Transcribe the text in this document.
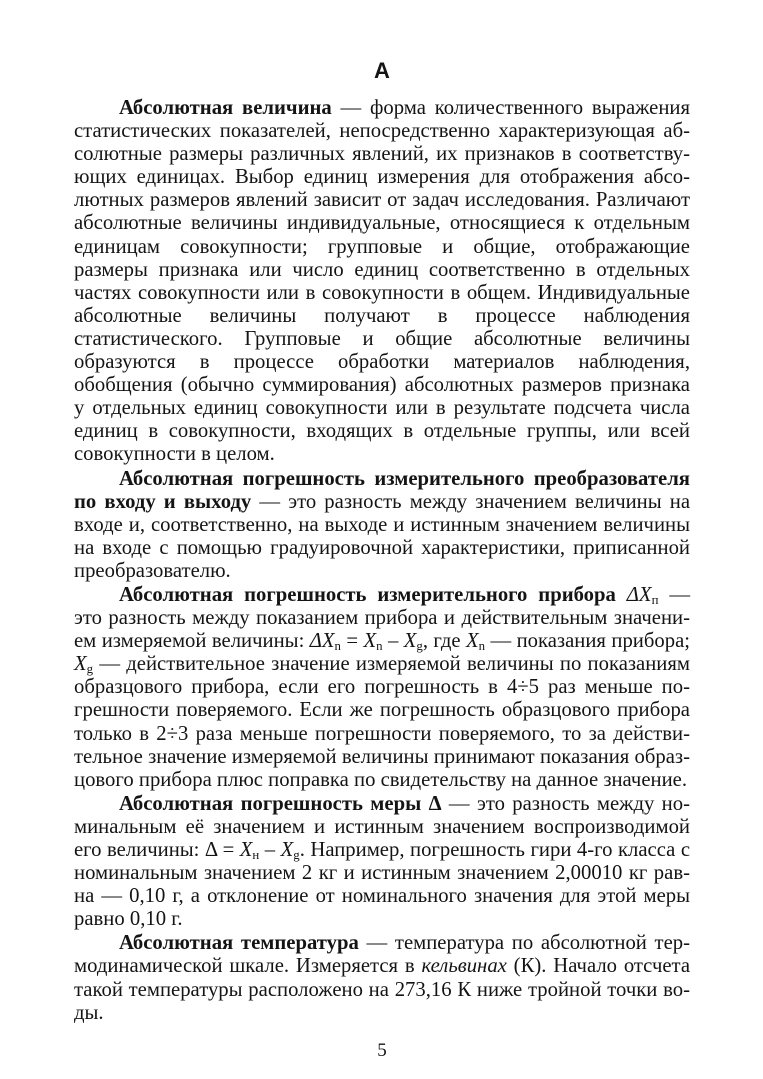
А

Абсолютная величина — форма количественного выражения статистических показателей, непосредственно характеризующая абсолютные размеры различных явлений, их признаков в соответствующих единицах. Выбор единиц измерения для отображения абсолютных размеров явлений зависит от задач исследования. Различают абсолютные величины индивидуальные, относящиеся к отдельным единицам совокупности; групповые и общие, отображающие размеры признака или число единиц соответственно в отдельных частях совокупности или в совокупности в общем. Индивидуальные абсолютные величины получают в процессе наблюдения статистического. Групповые и общие абсолютные величины образуются в процессе обработки материалов наблюдения, обобщения (обычно суммирования) абсолютных размеров признака у отдельных единиц совокупности или в результате подсчета числа единиц в совокупности, входящих в отдельные группы, или всей совокупности в целом.

Абсолютная погрешность измерительного преобразователя по входу и выходу — это разность между значением величины на входе и, соответственно, на выходе и истинным значением величины на входе с помощью градуировочной характеристики, приписанной преобразователю.

Абсолютная погрешность измерительного прибора $\Delta X_п$ — это разность между показанием прибора и действительным значением измеряемой величины: $\Delta X_n = X_n - X_g$, где $X_n$ — показания прибора; $X_g$ — действительное значение измеряемой величины по показаниям образцового прибора, если его погрешность в 4÷5 раз меньше погрешности поверяемого. Если же погрешность образцового прибора только в 2÷3 раза меньше погрешности поверяемого, то за действительное значение измеряемой величины принимают показания образцового прибора плюс поправка по свидетельству на данное значение.

Абсолютная погрешность меры Δ — это разность между номинальным её значением и истинным значением воспроизводимой его величины: $\Delta = X_н - X_g$. Например, погрешность гири 4-го класса с номинальным значением 2 кг и истинным значением 2,00010 кг равна — 0,10 г, а отклонение от номинального значения для этой меры равно 0,10 г.

Абсолютная температура — температура по абсолютной термодинамической шкале. Измеряется в кельвинах (К). Начало отсчета такой температуры расположено на 273,16 К ниже тройной точки воды.

5
